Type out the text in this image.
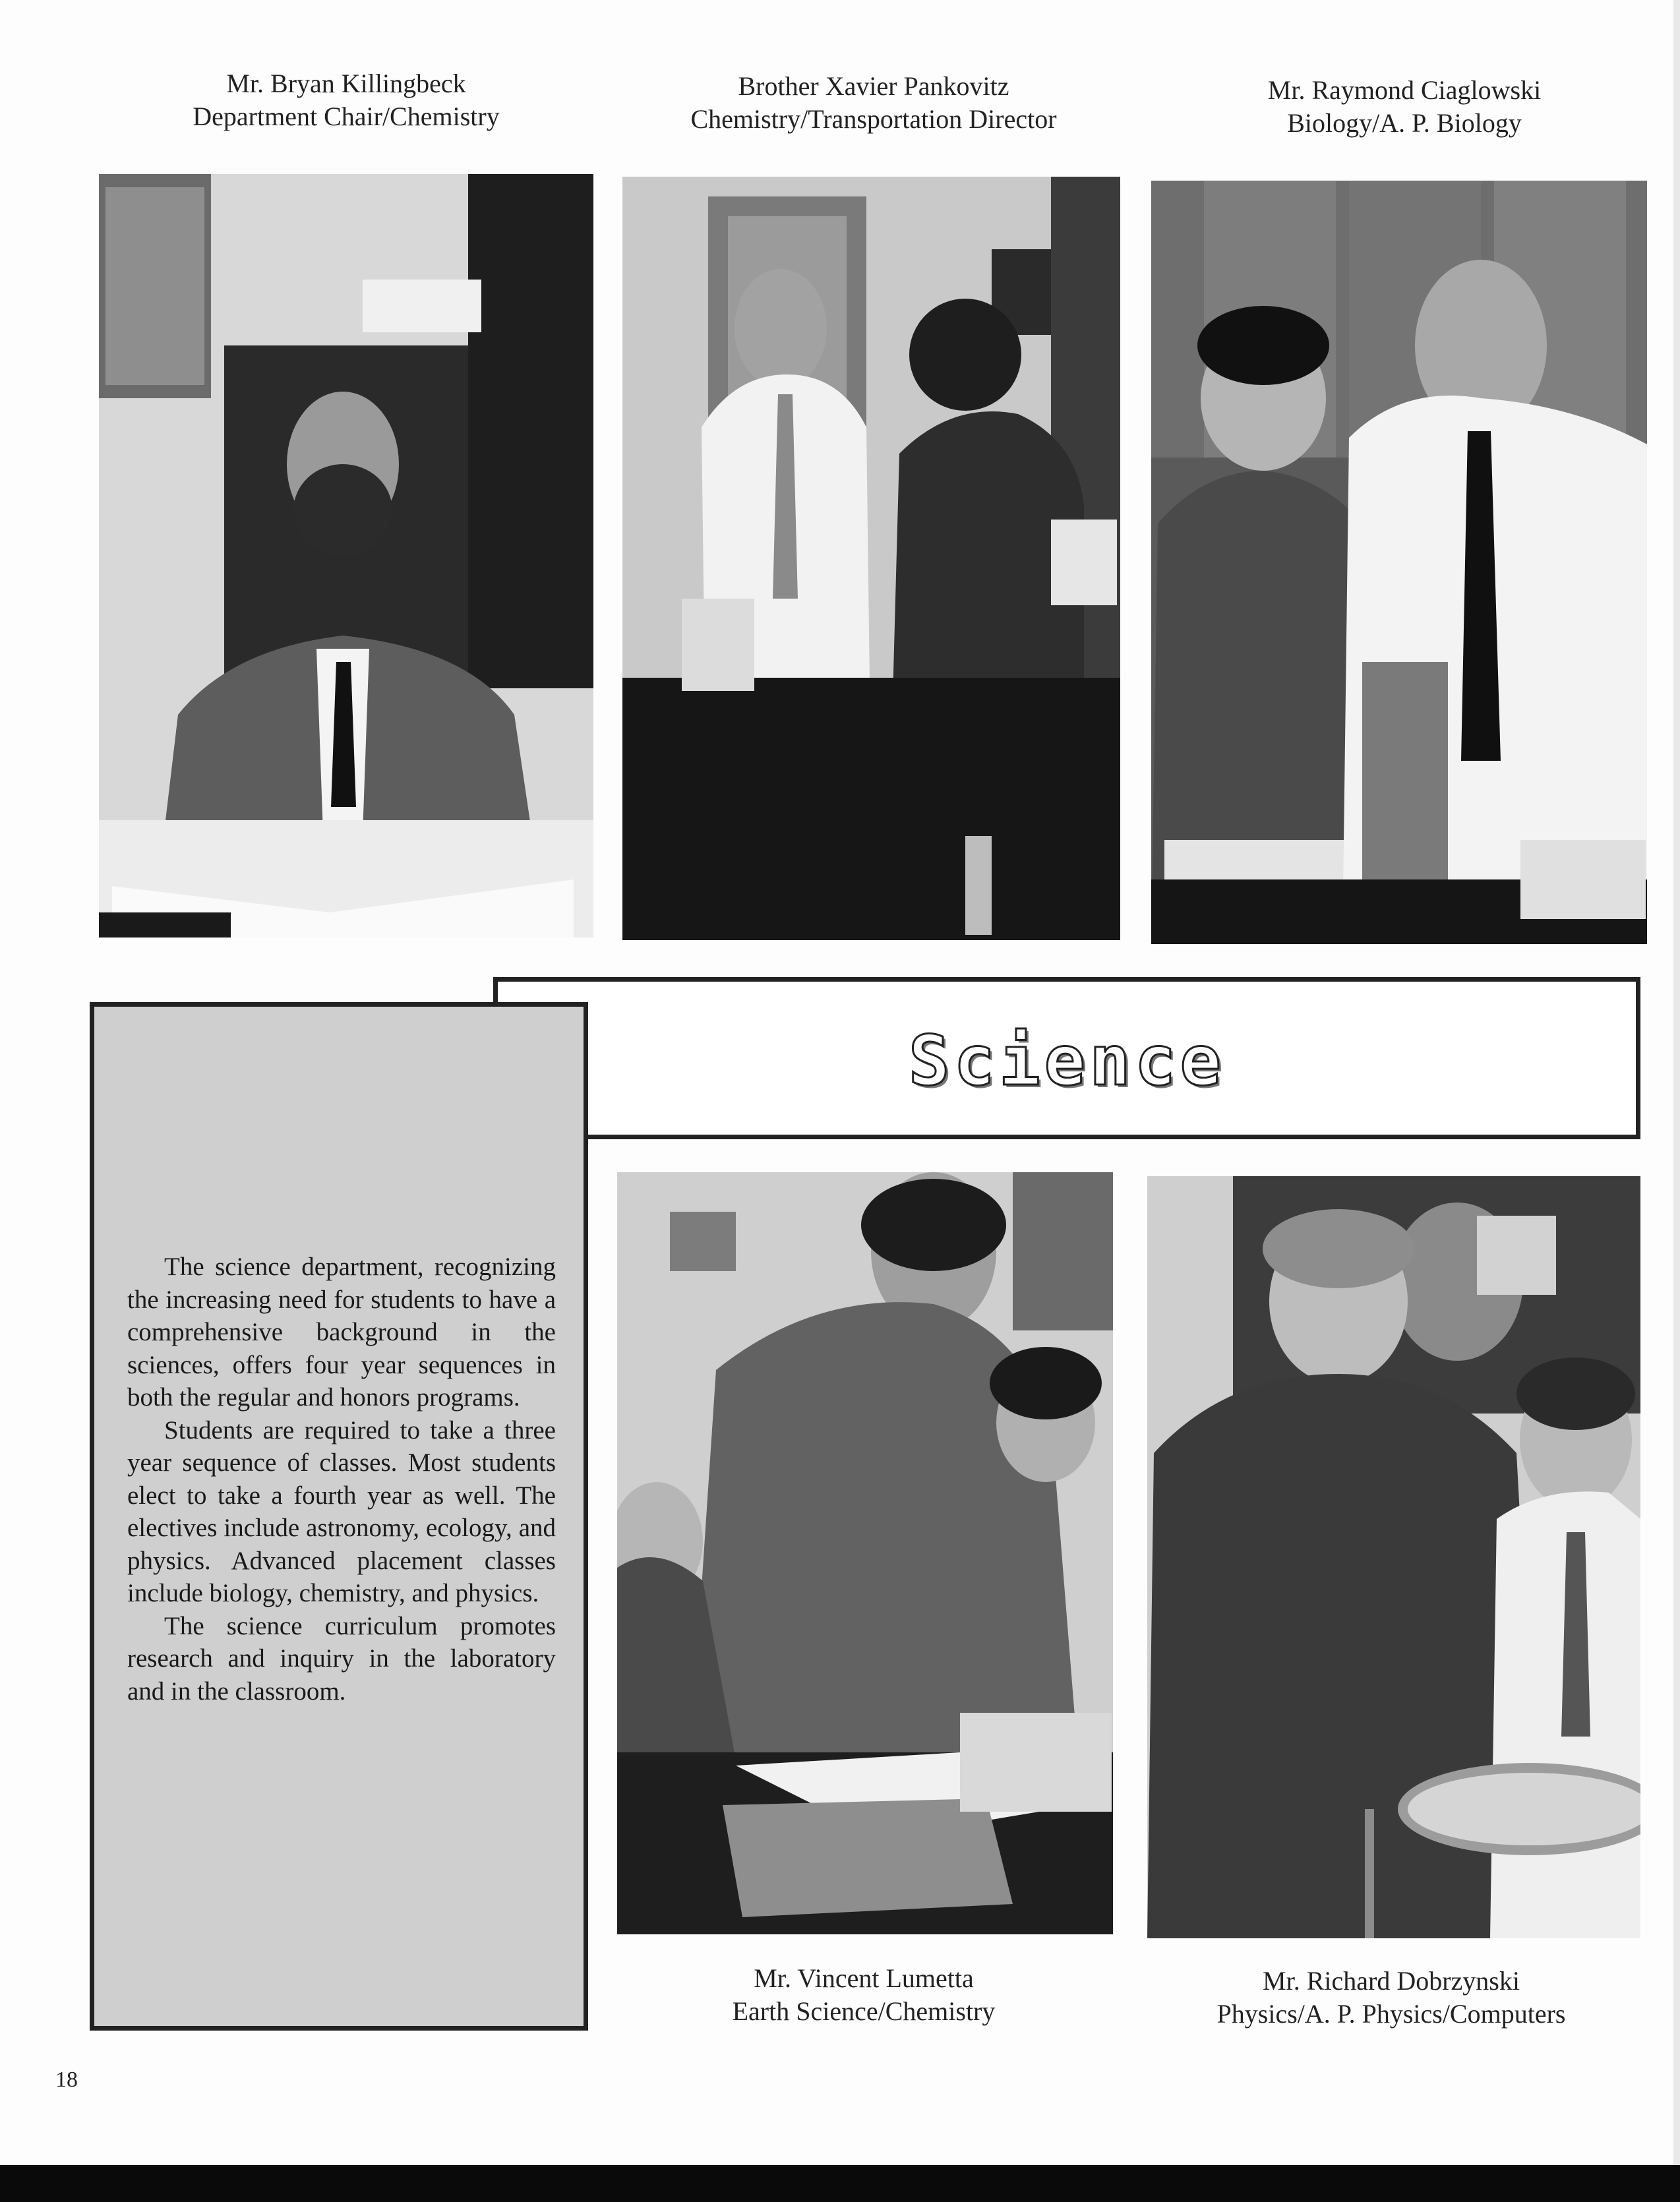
Mr. Bryan Killingbeck
Department Chair/Chemistry
Brother Xavier Pankovitz
Chemistry/Transportation Director
Mr. Raymond Ciaglowski
Biology/A. P. Biology
Science

The science department, recognizing the increasing need for students to have a comprehensive background in the sciences, offers four year sequences in both the regular and honors programs.

Students are required to take a three year sequence of classes. Most students elect to take a fourth year as well. The electives include astronomy, ecology, and physics. Advanced placement classes include biology, chemistry, and physics.

The science curriculum promotes research and inquiry in the laboratory and in the classroom.

Mr. Vincent Lumetta
Earth Science/Chemistry
Mr. Richard Dobrzynski
Physics/A. P. Physics/Computers
18
